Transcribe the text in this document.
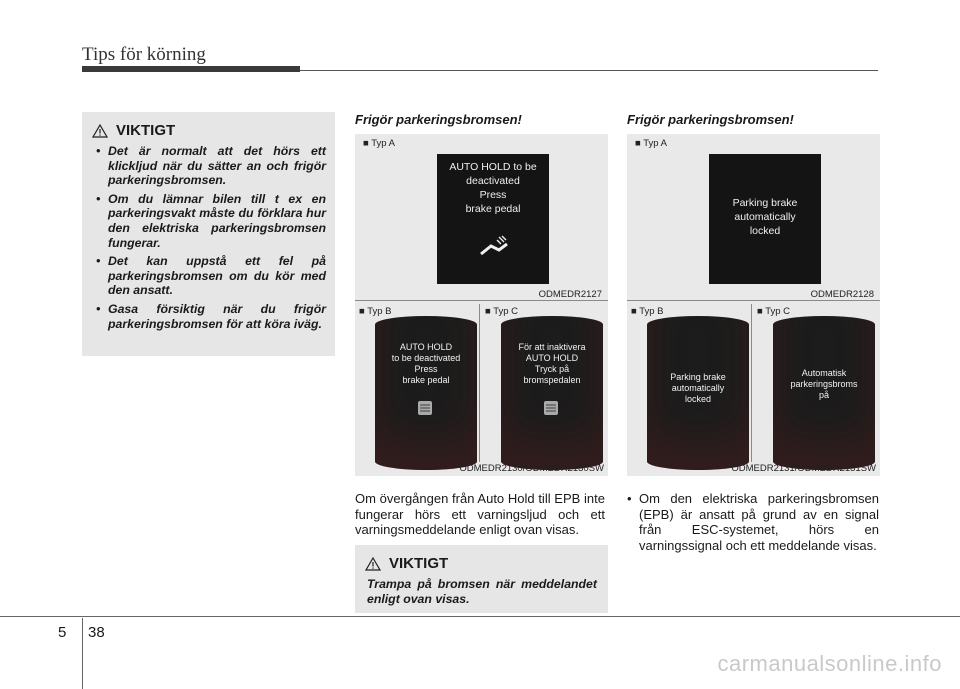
Tips för körning
VIKTIGT
• Det är normalt att det hörs ett klickljud när du sätter an och frigör parkeringsbromsen.
• Om du lämnar bilen till t ex en parkeringsvakt måste du förklara hur den elektriska parkeringsbromsen fungerar.
• Det kan uppstå ett fel på parkeringsbromsen om du kör med den ansatt.
• Gasa försiktig när du frigör parkeringsbromsen för att köra iväg.
Frigör parkeringsbromsen!
■ Typ A
AUTO HOLD to be
deactivated
Press
brake pedal
ODMEDR2127
■ Typ B	■ Typ C
AUTO HOLD
to be deactivated
Press
brake pedal
För att inaktivera
AUTO HOLD
Tryck på
bromspedalen
ODMEDR2130/ODMEDR2130SW
Om övergången från Auto Hold till EPB inte fungerar hörs ett varningsljud och ett varningsmeddelande enligt ovan visas.
VIKTIGT
Trampa på bromsen när meddelandet enligt ovan visas.
Frigör parkeringsbromsen!
■ Typ A
Parking brake
automatically
locked
ODMEDR2128
■ Typ B	■ Typ C
Parking brake
automatically
locked
Automatisk
parkeringsbroms
på
ODMEDR2131/ODMEDR2131SW
• Om den elektriska parkeringsbromsen (EPB) är ansatt på grund av en signal från ESC-systemet, hörs en varningssignal och ett meddelande visas.
5 38
carmanualsonline.info
